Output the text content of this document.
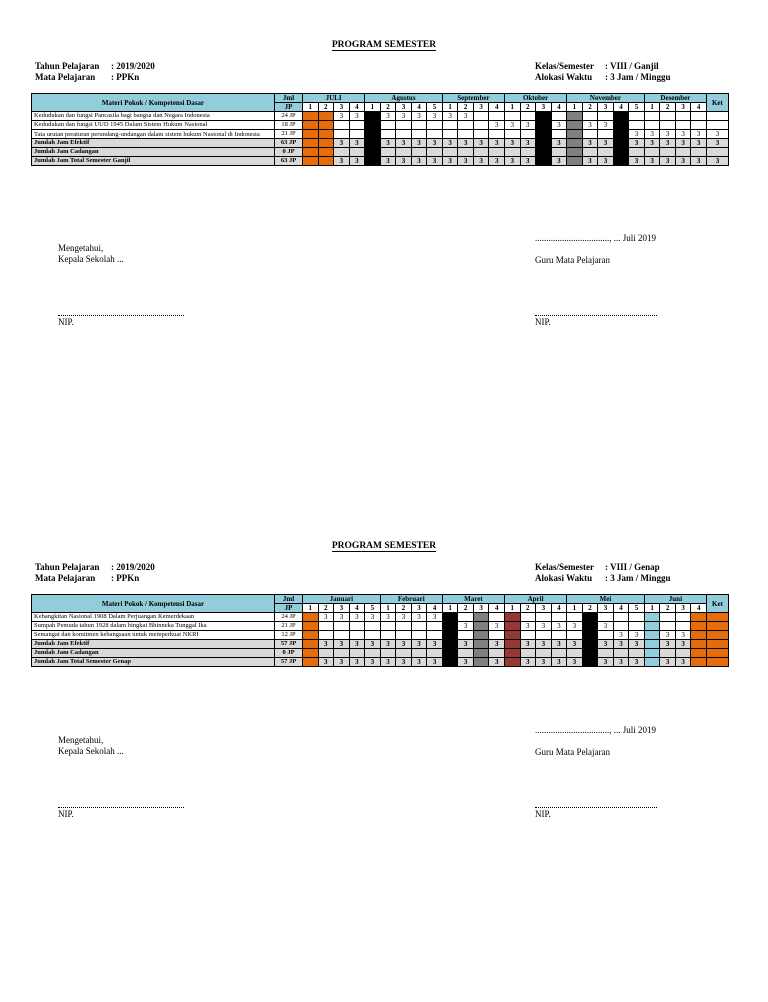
PROGRAM SEMESTER
Tahun Pelajaran : 2019/2020
Mata Pelajaran : PPKn
Kelas/Semester : VIII / Ganjil
Alokasi Waktu : 3 Jam / Minggu
Materi Pokok / Kompetensi Dasar	Jml	JULI				Agustus					September				Oktober				November					Desember				Ket
	JP	1	2	3	4	1	2	3	4	5	1	2	3	4	1	2	3	4	1	2	3	4	5	1	2	3	4	
Kedudukan dan fungsi Pancasila bagi bangsa dan Negara Indonesia	24 JP			3	3		3	3	3	3	3	3																
Kedudukan dan fungsi UUD 1945 Dalam Sistem Hukum Nasional	18 JP													3	3	3		3		3	3							
Tata urutan peraturan perundang-undangan dalam sistem hukum Nasional di Indonesia	21 JP																						3	3	3	3	3	3
Jumlah Jam Efektif	63 JP			3	3		3	3	3	3	3	3	3	3	3	3		3		3	3		3	3	3	3	3	3
Jumlah Jam Cadangan	0 JP																											
Jumlah Jam Total Semester Ganjil	63 JP			3	3		3	3	3	3	3	3	3	3	3	3		3		3	3		3	3	3	3	3	3
................................., ... Juli 2019
Guru Mata Pelajaran
Mengetahui,
Kepala Sekolah ...
NIP.	NIP.
PROGRAM SEMESTER
Tahun Pelajaran : 2019/2020
Mata Pelajaran : PPKn
Kelas/Semester : VIII / Genap
Alokasi Waktu : 3 Jam / Minggu
Materi Pokok / Kompetensi Dasar	Jml	Januari					Februari				Maret				April				Mei					Juni				Ket
	JP	1	2	3	4	5	1	2	3	4	1	2	3	4	1	2	3	4	1	2	3	4	5	1	2	3	4	
Kebangkitan Nasional 1908 Dalam Perjuangan Kemerdekaan	24 JP		3	3	3	3	3	3	3	3																		
Sumpah Pemuda tahun 1928 dalam bingkai Bhinneka Tunggal Ika	21 JP											3		3		3	3	3	3		3							
Semangat dan komitmen kebangsaan untuk memperkuat NKRI	12 JP																					3	3		3	3		
Jumlah Jam Efektif	57 JP		3	3	3	3	3	3	3	3		3		3		3	3	3	3		3	3	3		3	3		
Jumlah Jam Cadangan	0 JP																											
Jumlah Jam Total Semester Genap	57 JP		3	3	3	3	3	3	3	3		3		3		3	3	3	3		3	3	3		3	3		
................................., ... Juli 2019
Guru Mata Pelajaran
Mengetahui,
Kepala Sekolah ...
NIP.	NIP.
